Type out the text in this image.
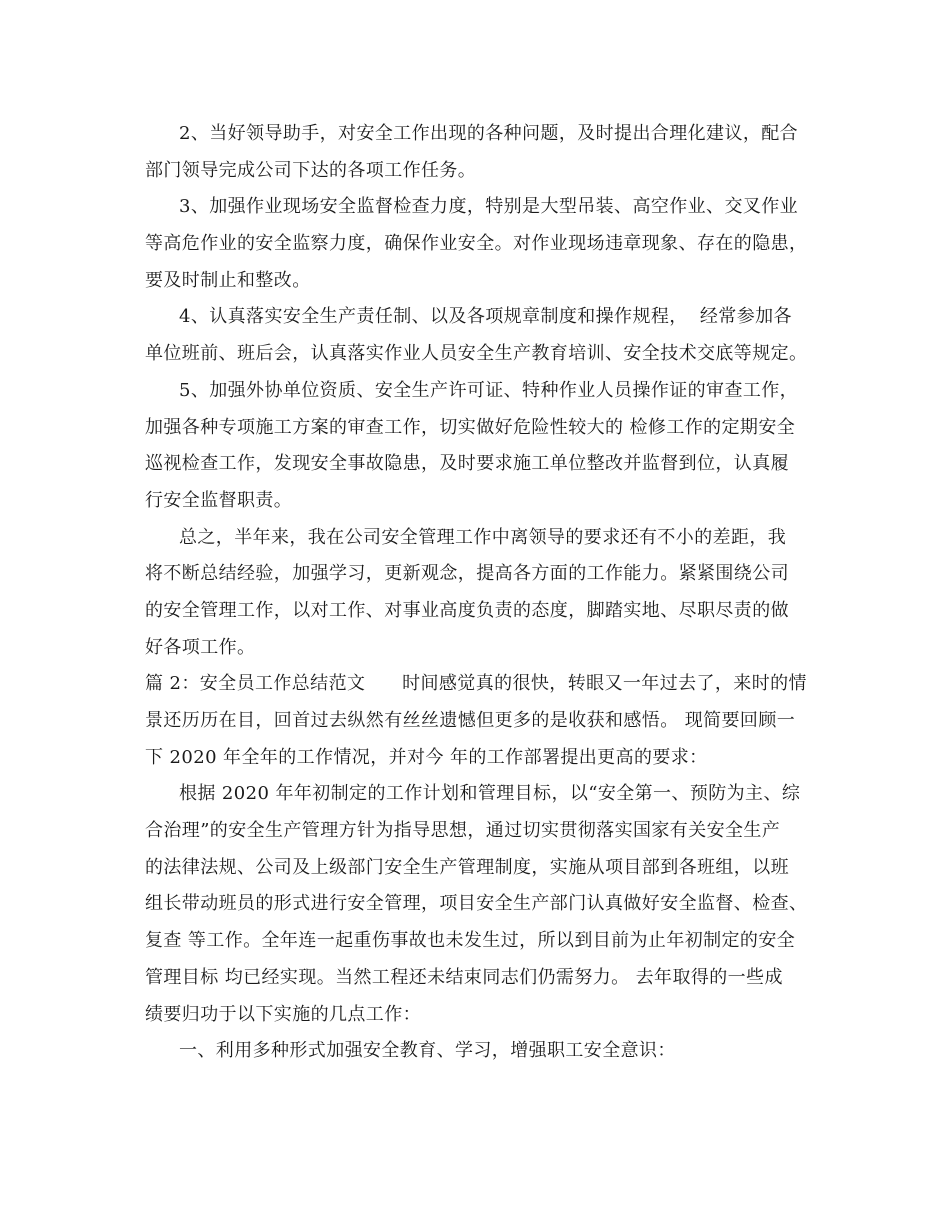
2、当好领导助手，对安全工作出现的各种问题，及时提出合理化建议，配合
部门领导完成公司下达的各项工作任务。
3、加强作业现场安全监督检查力度，特别是大型吊装、高空作业、交叉作业
等高危作业的安全监察力度，确保作业安全。对作业现场违章现象、存在的隐患，
要及时制止和整改。
4、认真落实安全生产责任制、以及各项规章制度和操作规程，  经常参加各
单位班前、班后会，认真落实作业人员安全生产教育培训、安全技术交底等规定。
5、加强外协单位资质、安全生产许可证、特种作业人员操作证的审查工作，
加强各种专项施工方案的审查工作，切实做好危险性较大的 检修工作的定期安全
巡视检查工作，发现安全事故隐患，及时要求施工单位整改并监督到位，认真履
行安全监督职责。
总之，半年来，我在公司安全管理工作中离领导的要求还有不小的差距，我
将不断总结经验，加强学习，更新观念，提高各方面的工作能力。紧紧围绕公司
的安全管理工作，以对工作、对事业高度负责的态度，脚踏实地、尽职尽责的做
好各项工作。
篇 2：安全员工作总结范文      时间感觉真的很快，转眼又一年过去了，来时的情
景还历历在目，回首过去纵然有丝丝遗憾但更多的是收获和感悟。 现简要回顾一
下 2020 年全年的工作情况，并对今 年的工作部署提出更高的要求：
根据 2020 年年初制定的工作计划和管理目标，以“安全第一、预防为主、综
合治理”的安全生产管理方针为指导思想，通过切实贯彻落实国家有关安全生产
的法律法规、公司及上级部门安全生产管理制度，实施从项目部到各班组，以班
组长带动班员的形式进行安全管理，项目安全生产部门认真做好安全监督、检查、
复查 等工作。全年连一起重伤事故也未发生过，所以到目前为止年初制定的安全
管理目标 均已经实现。当然工程还未结束同志们仍需努力。 去年取得的一些成
绩要归功于以下实施的几点工作：
一、利用多种形式加强安全教育、学习，增强职工安全意识：
